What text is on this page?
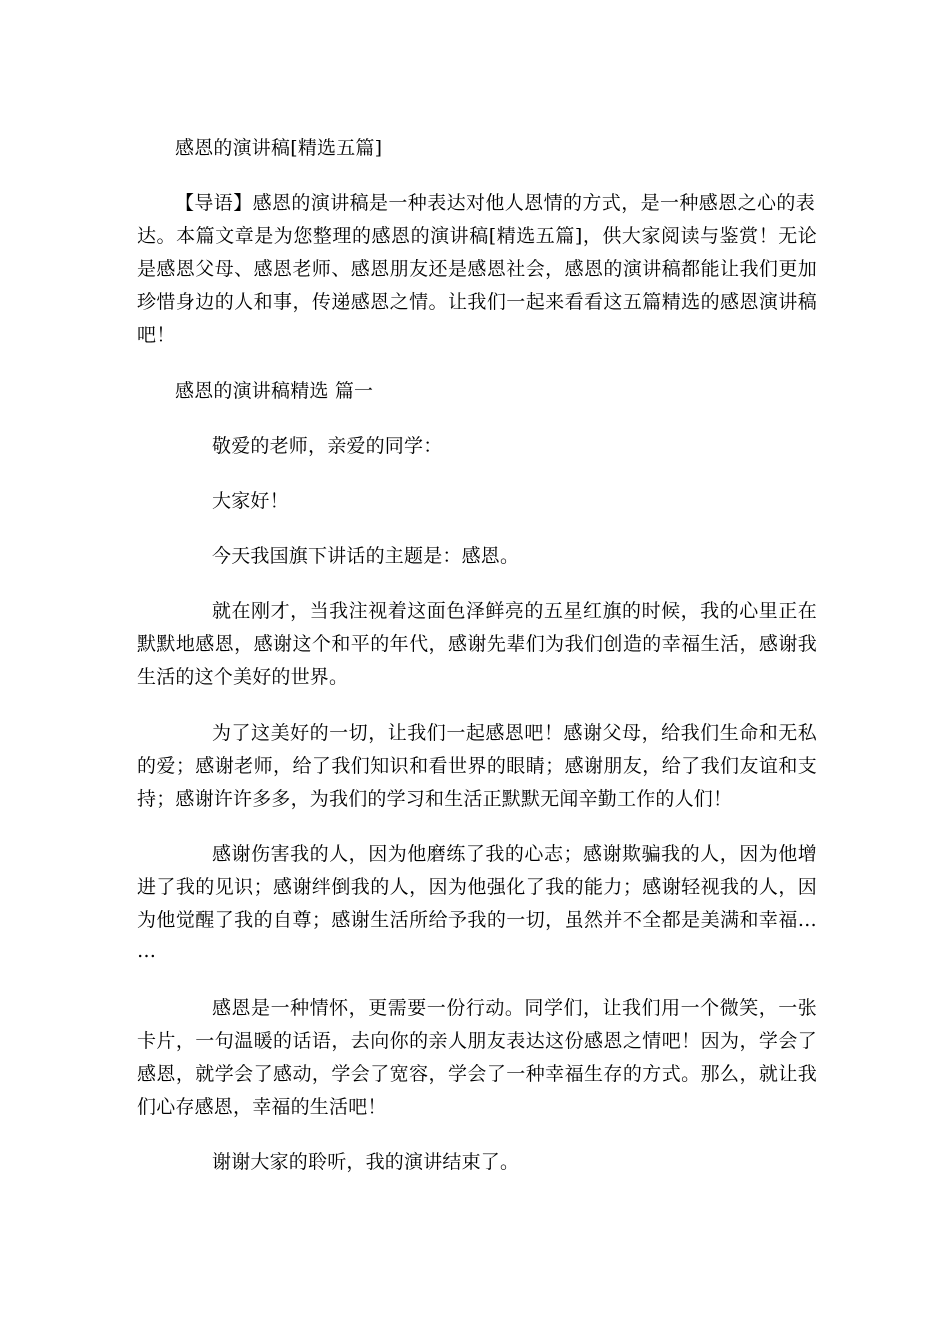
感恩的演讲稿[精选五篇]
【导语】感恩的演讲稿是一种表达对他人恩情的方式，是一种感恩之心的表
达。本篇文章是为您整理的感恩的演讲稿[精选五篇]，供大家阅读与鉴赏！无论
是感恩父母、感恩老师、感恩朋友还是感恩社会，感恩的演讲稿都能让我们更加
珍惜身边的人和事，传递感恩之情。让我们一起来看看这五篇精选的感恩演讲稿
吧！
感恩的演讲稿精选 篇一
敬爱的老师，亲爱的同学：
大家好！
今天我国旗下讲话的主题是：感恩。
就在刚才，当我注视着这面色泽鲜亮的五星红旗的时候，我的心里正在
默默地感恩，感谢这个和平的年代，感谢先辈们为我们创造的幸福生活，感谢我
生活的这个美好的世界。
为了这美好的一切，让我们一起感恩吧！感谢父母，给我们生命和无私
的爱；感谢老师，给了我们知识和看世界的眼睛；感谢朋友，给了我们友谊和支
持；感谢许许多多，为我们的学习和生活正默默无闻辛勤工作的人们！
感谢伤害我的人，因为他磨练了我的心志；感谢欺骗我的人，因为他增
进了我的见识；感谢绊倒我的人，因为他强化了我的能力；感谢轻视我的人，因
为他觉醒了我的自尊；感谢生活所给予我的一切，虽然并不全都是美满和幸福…
…
感恩是一种情怀，更需要一份行动。同学们，让我们用一个微笑，一张
卡片，一句温暖的话语，去向你的亲人朋友表达这份感恩之情吧！因为，学会了
感恩，就学会了感动，学会了宽容，学会了一种幸福生存的方式。那么，就让我
们心存感恩，幸福的生活吧！
谢谢大家的聆听，我的演讲结束了。
